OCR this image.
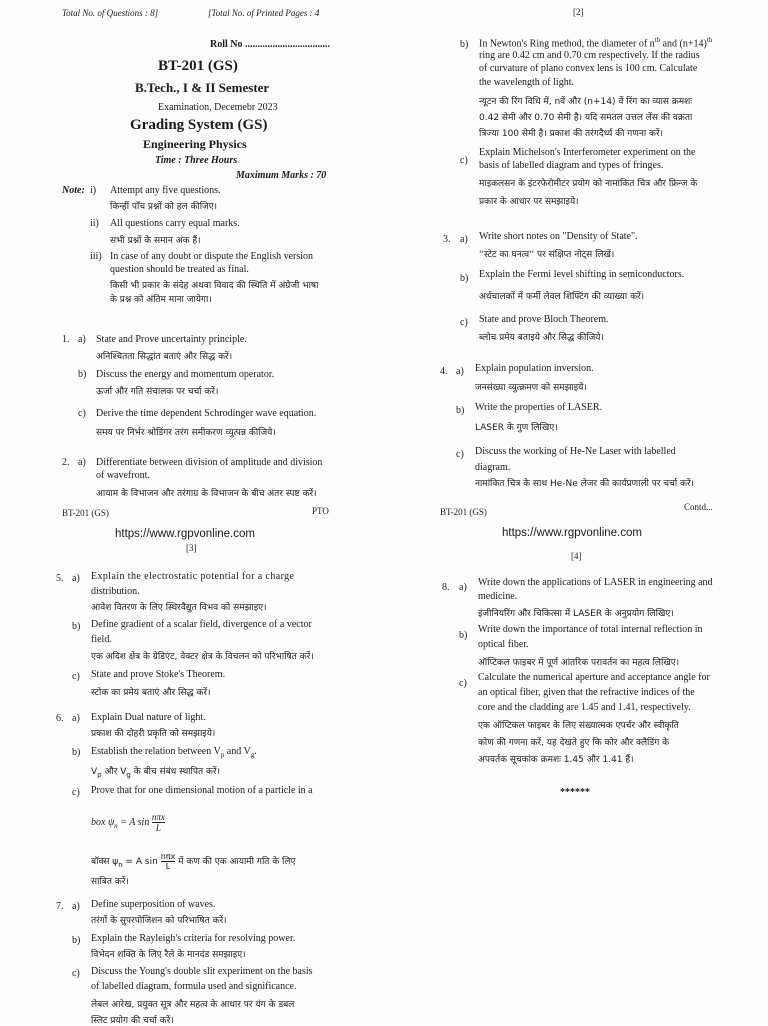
Total No. of Questions : 8]	[Total No. of Printed Pages : 4
Roll No ..................................
BT-201 (GS)
B.Tech., I & II Semester
Examination, Decemebr 2023
Grading System (GS)
Engineering Physics
Time : Three Hours
Maximum Marks : 70
Note: i) Attempt any five questions.
किन्हीं पाँच प्रश्नों को हल कीजिए।
ii) All questions carry equal marks.
सभी प्रश्नों के समान अंक हैं।
iii) In case of any doubt or dispute the English version
question should be treated as final.
किसी भी प्रकार के संदेह अथवा विवाद की स्थिति में अंग्रेजी भाषा
के प्रश्न को अंतिम माना जायेगा।
1. a) State and Prove uncertainty principle.
अनिश्चितता सिद्धांत बताएं और सिद्ध करें।
b) Discuss the energy and momentum operator.
ऊर्जा और गति संचालक पर चर्चा करें।
c) Derive the time dependent Schrodinger wave equation.
समय पर निर्भर श्रोडिंगर तरंग समीकरण व्युत्पन्न कीजिये।
2. a) Differentiate between division of amplitude and division
of wavefront.
आयाम के विभाजन और तरंगाग्र के विभाजन के बीच अंतर स्पष्ट करें।
BT-201 (GS)	PTO
[2]
b) In Newton's Ring method, the diameter of $n^{th}$ and $(n+14)^{th}$
ring are 0.42 cm and 0.70 cm respectively. If the radius
of curvature of plano convex lens is 100 cm. Calculate
the wavelength of light.
न्यूटन की रिंग विधि में, nवें और (n+14) वें रिंग का व्यास क्रमशः
0.42 सेमी और 0.70 सेमी है। यदि समतल उत्तल लेंस की वक्रता
त्रिज्या 100 सेमी है। प्रकाश की तरंगदैर्ध्य की गणना करें।
c)
Explain Michelson's Interferometer experiment on the
basis of labelled diagram and types of fringes.
माइकलसन के इंटरफेरोमीटर प्रयोग को नामांकित चित्र और फ्रिन्ज के
प्रकार के आधार पर समझाइये।
3. a) Write short notes on "Density of State".
''स्टेट का घनत्व'' पर संक्षिप्त नोट्स लिखें।
b) Explain the Fermi level shifting in semiconductors.
अर्धचालकों में फर्मी लेवल शिफ्टिंग की व्याख्या करें।
c) State and prove Bloch Theorem.
ब्लोच प्रमेय बताइये और सिद्ध कीजिये।
4. a) Explain population inversion.
जनसंख्या व्युत्क्रमण को समझाइये।
b) Write the properties of LASER.
LASER के गुण लिखिए।
c) Discuss the working of He-Ne Laser with labelled
diagram.
नामांकित चित्र के साथ He-Ne लेजर की कार्यप्रणाली पर चर्चा करें।
BT-201 (GS)	Contd...
https://www.rgpvonline.com	https://www.rgpvonline.com
[3]
5. a) Explain the electrostatic potential for a charge
distribution.
आवेश वितरण के लिए स्थिरवैद्युत विभव को समझाइए।
b) Define gradient of a scalar field, divergence of a vector
field.
एक अदिश क्षेत्र के ग्रेडिएंट, वेक्टर क्षेत्र के विचलन को परिभाषित करें।
c) State and prove Stoke's Theorem.
स्टोक का प्रमेय बताएं और सिद्ध करें।
6. a) Explain Dual nature of light.
प्रकाश की दोहरी प्रकृति को समझाइये।
b) Establish the relation between $V_p$ and $V_g$.
$V_p$ और $V_g$ के बीच संबंध स्थापित करें।
c) Prove that for one dimensional motion of a particle in a
box $\psi_n = A$ sin nπx
L
बॉक्स $\psi_n = A$ sin
nπx
L में कण की एक आयामी गति के लिए
साबित करें।
7. a) Define superposition of waves.
तरंगों के सुपरपोजिशन को परिभाषित करें।
b) Explain the Rayleigh's criteria for resolving power.
विभेदन शक्ति के लिए रैले के मानदंड समझाइए।
c) Discuss the Young's double slit experiment on the basis
of labelled diagram, formula used and significance.
लेबल आरेख, प्रयुक्त सूत्र और महत्व के आधार पर यंग के डबल
स्लिट प्रयोग की चर्चा करें।
[4]
8. a) Write down the applications of LASER in engineering and
medicine.
इंजीनियरिंग और चिकित्सा में LASER के अनुप्रयोग लिखिए।
b)
Write down the importance of total internal reflection in
optical fiber.
ऑप्टिकल फाइबर में पूर्ण आंतरिक परावर्तन का महत्व लिखिए।
c)
Calculate the numerical aperture and acceptance angle for
an optical fiber, given that the refractive indices of the
core and the cladding are 1.45 and 1.41, respectively.
एक ऑप्टिकल फाइबर के लिए संख्यात्मक एपर्चर और स्वीकृति
कोण की गणना करें, यह देखते हुए कि कोर और क्लैडिंग के
अपवर्तक सूचकांक क्रमशः 1.45 और 1.41 हैं।
******
